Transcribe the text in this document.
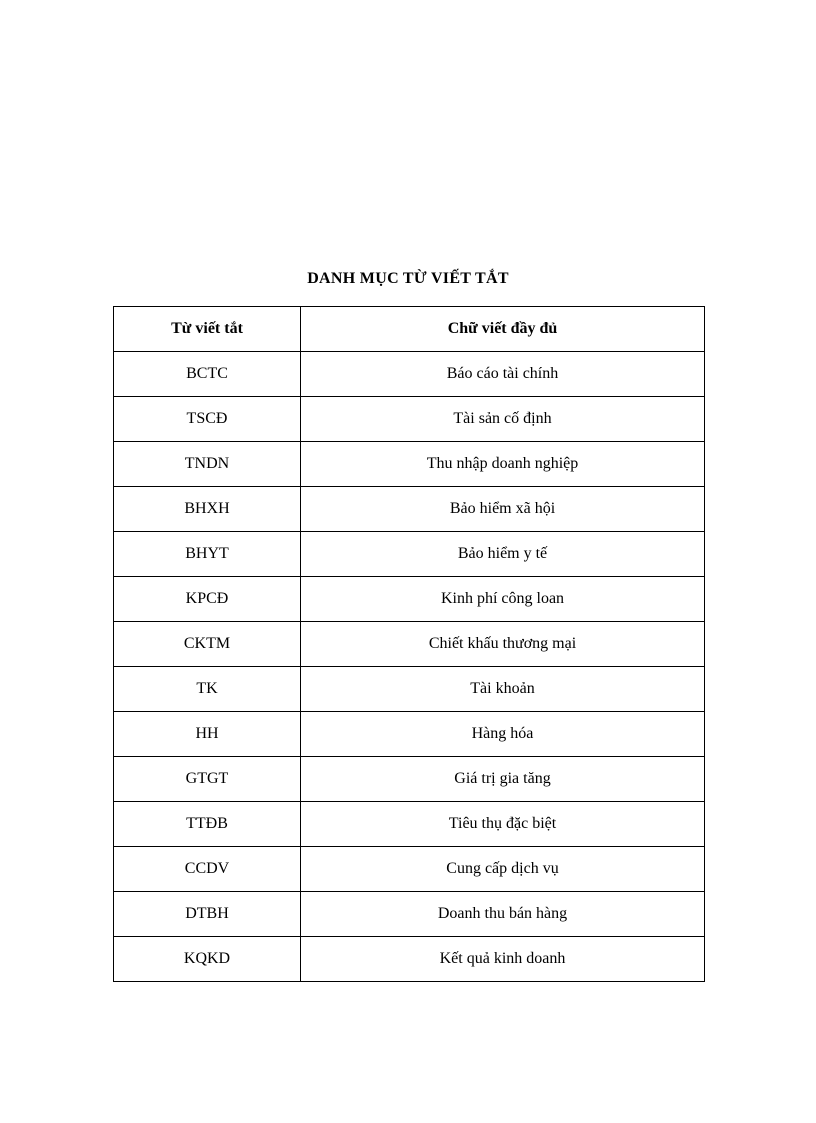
DANH MỤC TỪ VIẾT TẮT
Từ viết tắt	Chữ viết đầy đủ
BCTC	Báo cáo tài chính
TSCĐ	Tài sản cố định
TNDN	Thu nhập doanh nghiệp
BHXH	Bảo hiểm xã hội
BHYT	Bảo hiểm y tế
KPCĐ	Kinh phí công loan
CKTM	Chiết khấu thương mại
TK	Tài khoản
HH	Hàng hóa
GTGT	Giá trị gia tăng
TTĐB	Tiêu thụ đặc biệt
CCDV	Cung cấp dịch vụ
DTBH	Doanh thu bán hàng
KQKD	Kết quả kinh doanh
